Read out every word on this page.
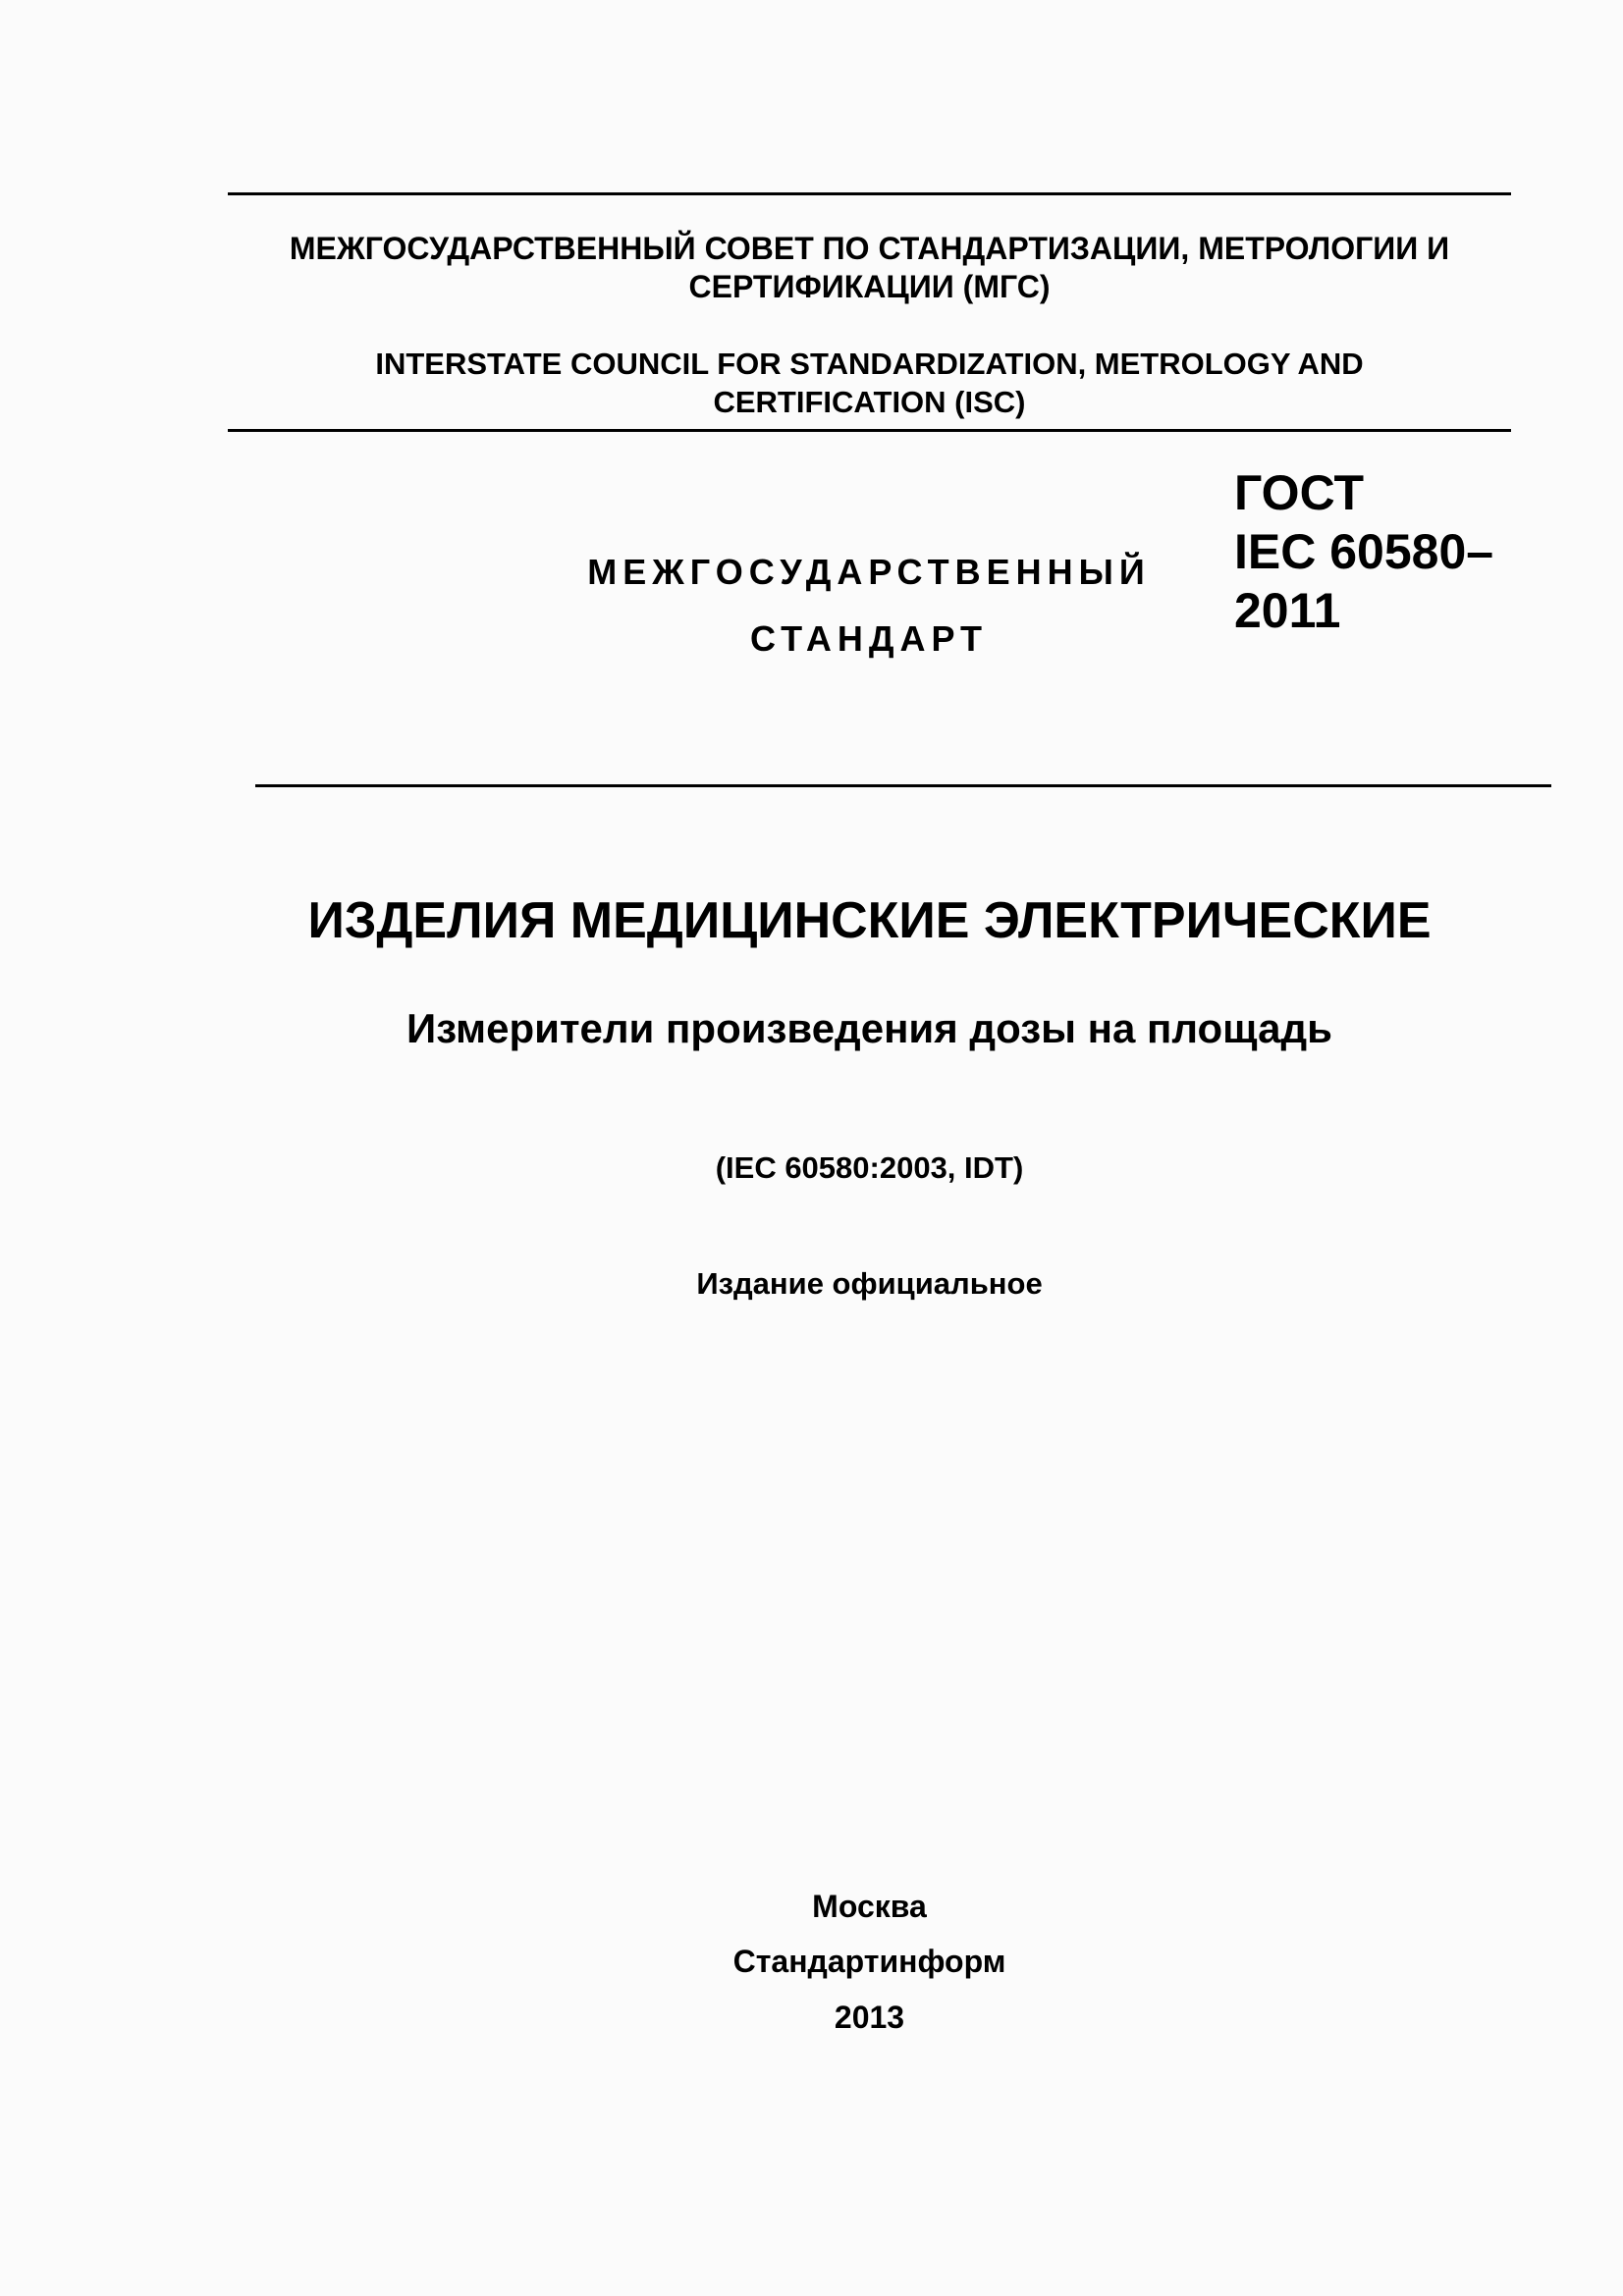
МЕЖГОСУДАРСТВЕННЫЙ СОВЕТ ПО СТАНДАРТИЗАЦИИ, МЕТРОЛОГИИ И
СЕРТИФИКАЦИИ (МГС)
INTERSTATE COUNCIL FOR STANDARDIZATION, METROLOGY AND
CERTIFICATION (ISC)
МЕЖГОСУДАРСТВЕННЫЙ
СТАНДАРТ
ГОСТ
IEC 60580–
2011
ИЗДЕЛИЯ МЕДИЦИНСКИЕ ЭЛЕКТРИЧЕСКИЕ
Измерители произведения дозы на площадь
(IEC 60580:2003, IDT)
Издание официальное
Москва
Стандартинформ
2013
